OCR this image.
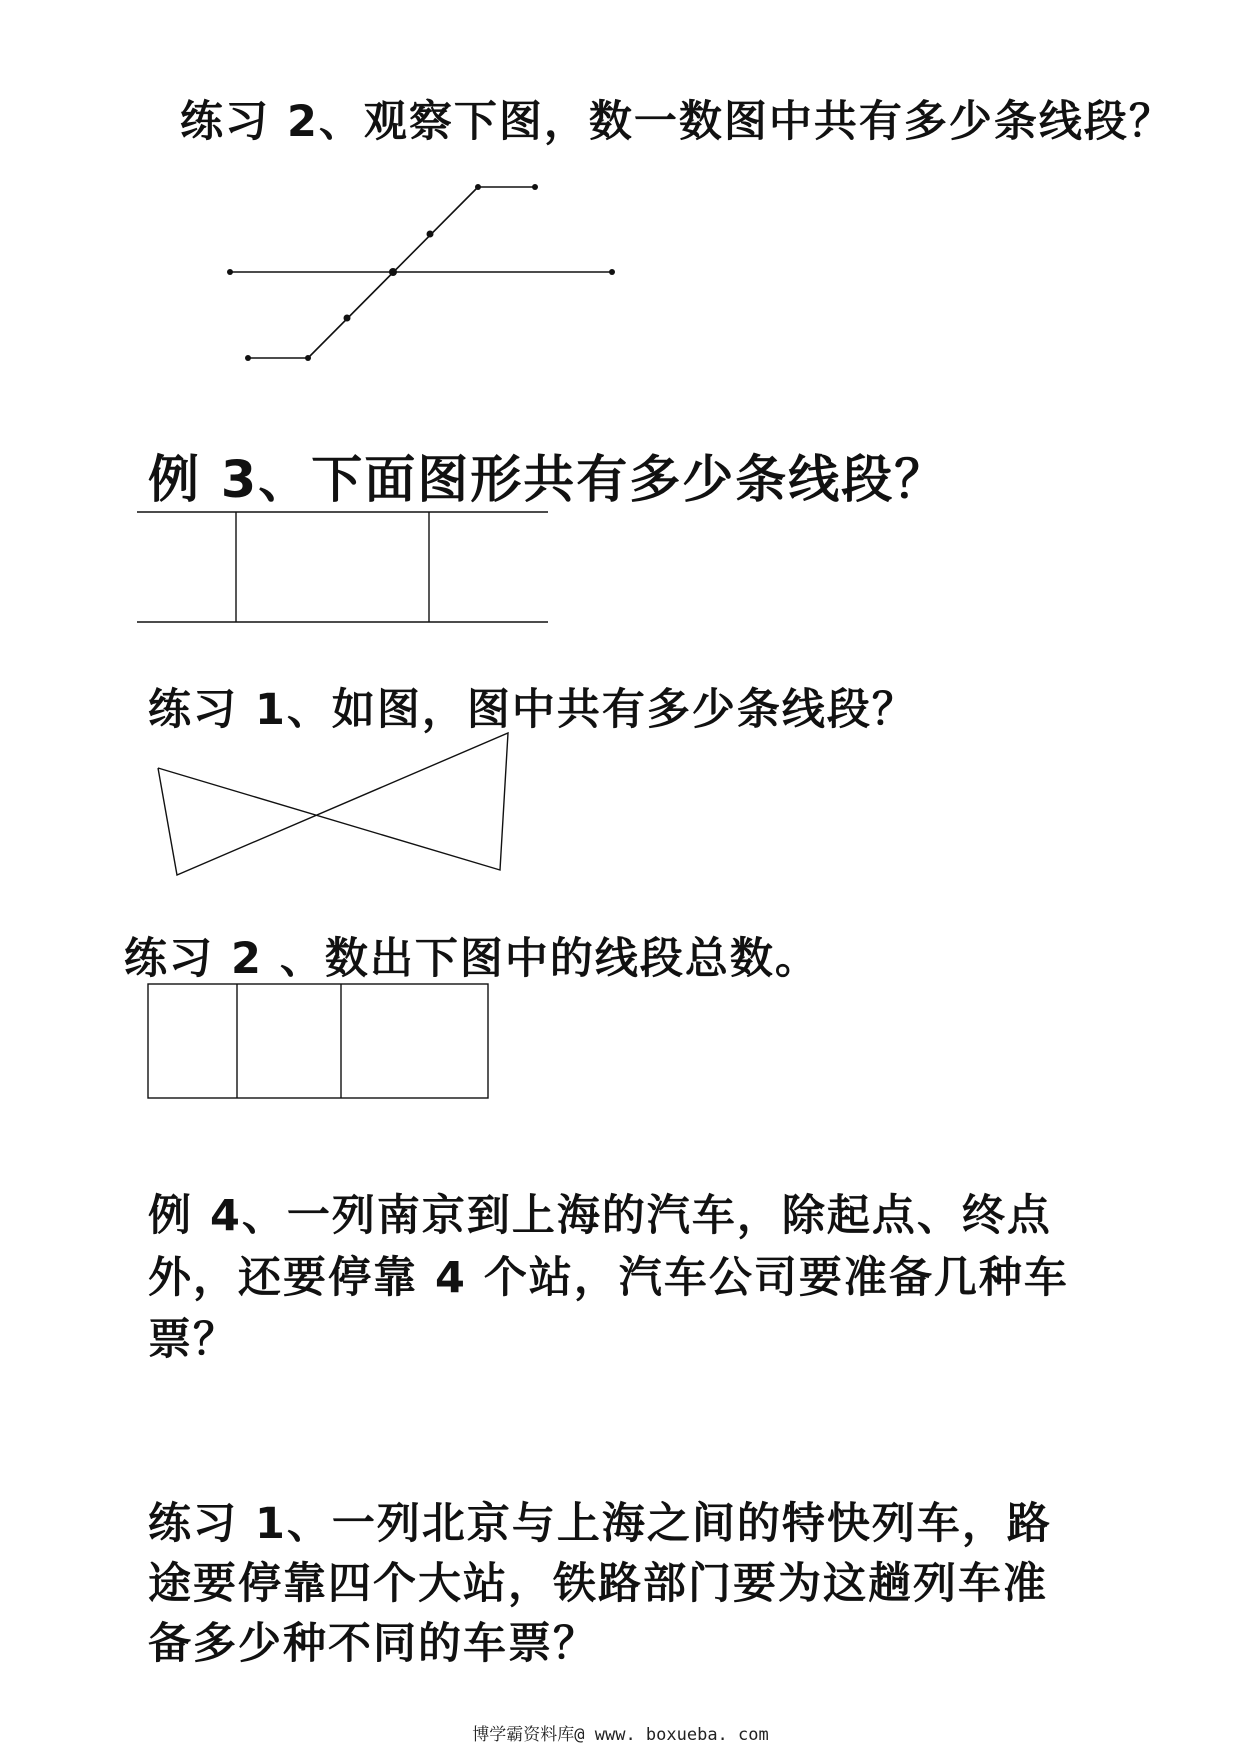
练习 2、观察下图，数一数图中共有多少条线段？
例 3、下面图形共有多少条线段？
练习 1、如图，图中共有多少条线段？
练习 2 、数出下图中的线段总数。
例 4、一列南京到上海的汽车，除起点、终点
外，还要停靠 4 个站，汽车公司要准备几种车
票？
练习 1、一列北京与上海之间的特快列车，路
途要停靠四个大站，铁路部门要为这趟列车准
备多少种不同的车票？
博学霸资料库@ www. boxueba. com
